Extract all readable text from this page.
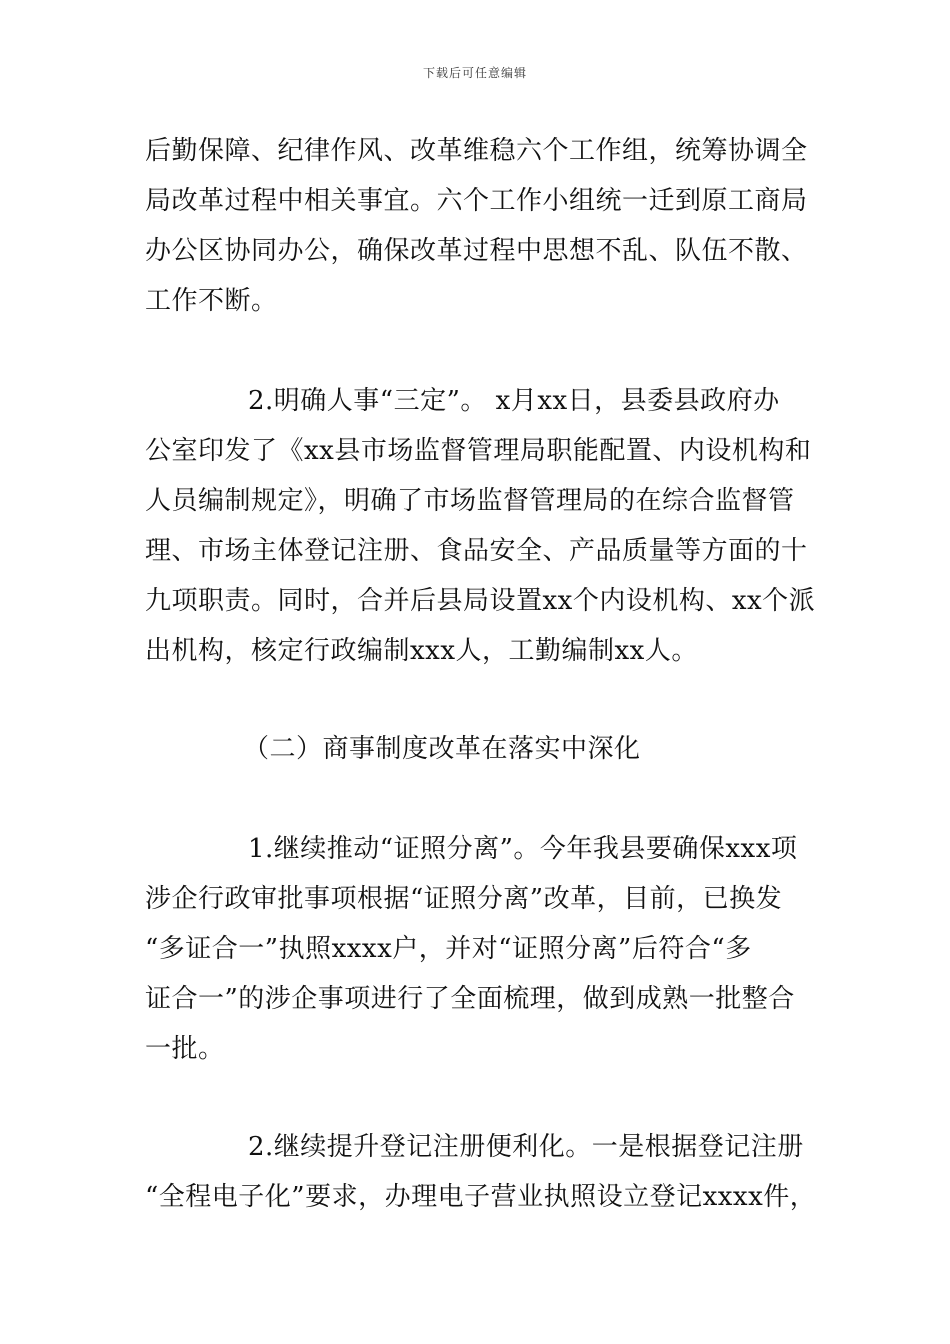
下载后可任意编辑
后勤保障、纪律作风、改革维稳六个工作组，统筹协调全
局改革过程中相关事宜。六个工作小组统一迁到原工商局
办公区协同办公，确保改革过程中思想不乱、队伍不散、
工作不断。
2.明确人事“三定”。 x月xx日，县委县政府办
公室印发了《xx县市场监督管理局职能配置、内设机构和
人员编制规定》，明确了市场监督管理局的在综合监督管
理、市场主体登记注册、食品安全、产品质量等方面的十
九项职责。同时，合并后县局设置xx个内设机构、xx个派
出机构，核定行政编制xxx人，工勤编制xx人。
（二）商事制度改革在落实中深化
1.继续推动“证照分离”。今年我县要确保xxx项
涉企行政审批事项根据“证照分离”改革，目前，已换发
“多证合一”执照xxxx户，并对“证照分离”后符合“多
证合一”的涉企事项进行了全面梳理，做到成熟一批整合
一批。
2.继续提升登记注册便利化。一是根据登记注册
“全程电子化”要求，办理电子营业执照设立登记xxxx件，
